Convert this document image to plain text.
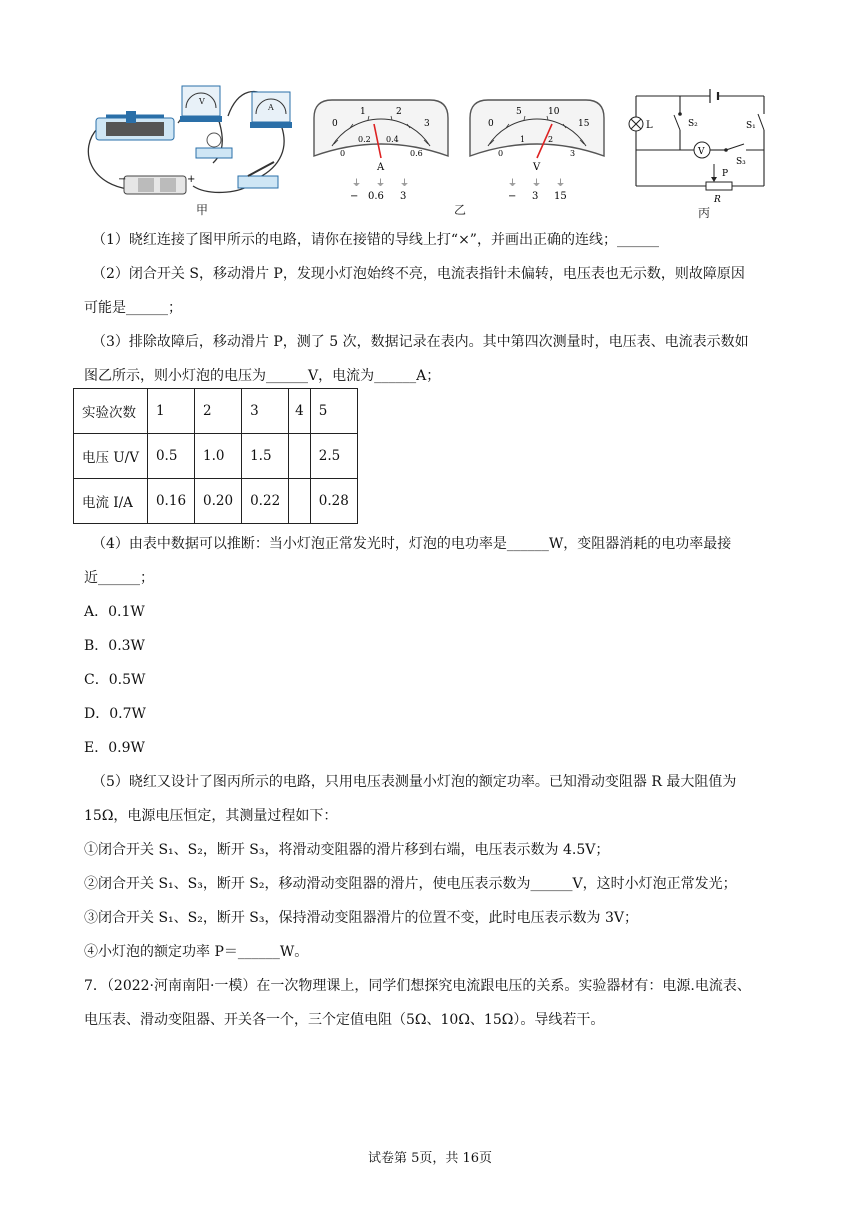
V
A
−	+
甲
0
1	2
3
0
0.2 0.4
0.6
A
⏚ ⏚ ⏚
− 0.6 3
0
5	10
15
0
1	2
3
V
⏚ ⏚ ⏚
− 3 15
乙
L	S₂	S₁
V
S₃
P
R
丙
（1）晓红连接了图甲所示的电路，请你在接错的导线上打“×”，并画出正确的连线；______
（2）闭合开关 S，移动滑片 P，发现小灯泡始终不亮，电流表指针未偏转，电压表也无示数，则故障原因
可能是______；
（3）排除故障后，移动滑片 P，测了 5 次，数据记录在表内。其中第四次测量时，电压表、电流表示数如
图乙所示，则小灯泡的电压为______V，电流为______A；
实验次数	1	2	3	4	5
电压 U/V	0.5	1.0	1.5		2.5
电流 I/A	0.16	0.20	0.22		0.28
（4）由表中数据可以推断：当小灯泡正常发光时，灯泡的电功率是______W，变阻器消耗的电功率最接
近______；
A．0.1W
B．0.3W
C．0.5W
D．0.7W
E．0.9W
（5）晓红又设计了图丙所示的电路，只用电压表测量小灯泡的额定功率。已知滑动变阻器 R 最大阻值为
15Ω，电源电压恒定，其测量过程如下：
①闭合开关 S₁、S₂，断开 S₃，将滑动变阻器的滑片移到右端，电压表示数为 4.5V；
②闭合开关 S₁、S₃，断开 S₂，移动滑动变阻器的滑片，使电压表示数为______V，这时小灯泡正常发光；
③闭合开关 S₁、S₂，断开 S₃，保持滑动变阻器滑片的位置不变，此时电压表示数为 3V；
④小灯泡的额定功率 P＝______W。
7．（2022·河南南阳·一模）在一次物理课上，同学们想探究电流跟电压的关系。实验器材有：电源.电流表、
电压表、滑动变阻器、开关各一个，三个定值电阻（5Ω、10Ω、15Ω）。导线若干。
试卷第 5页，共 16页
